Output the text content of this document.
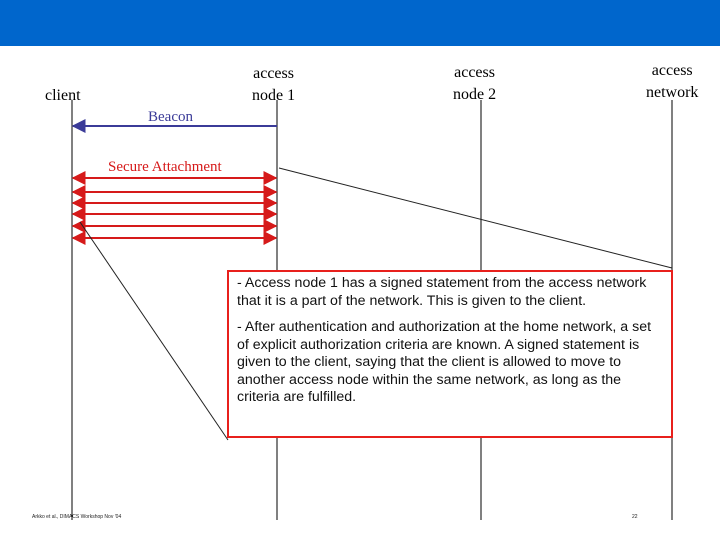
client
access
node 1
access
node 2
access
network
Beacon
Secure Attachment

- Access node 1 has a signed statement from the access network that it is a part of the network. This is given to the client.

- After authentication and authorization at the home network, a set of explicit authorization criteria are known. A signed statement is given to the client, saying that the client is allowed to move to another access node within the same network, as long as the criteria are fulfilled.

Arkko et al., DIMACS Workshop Nov '04	22
